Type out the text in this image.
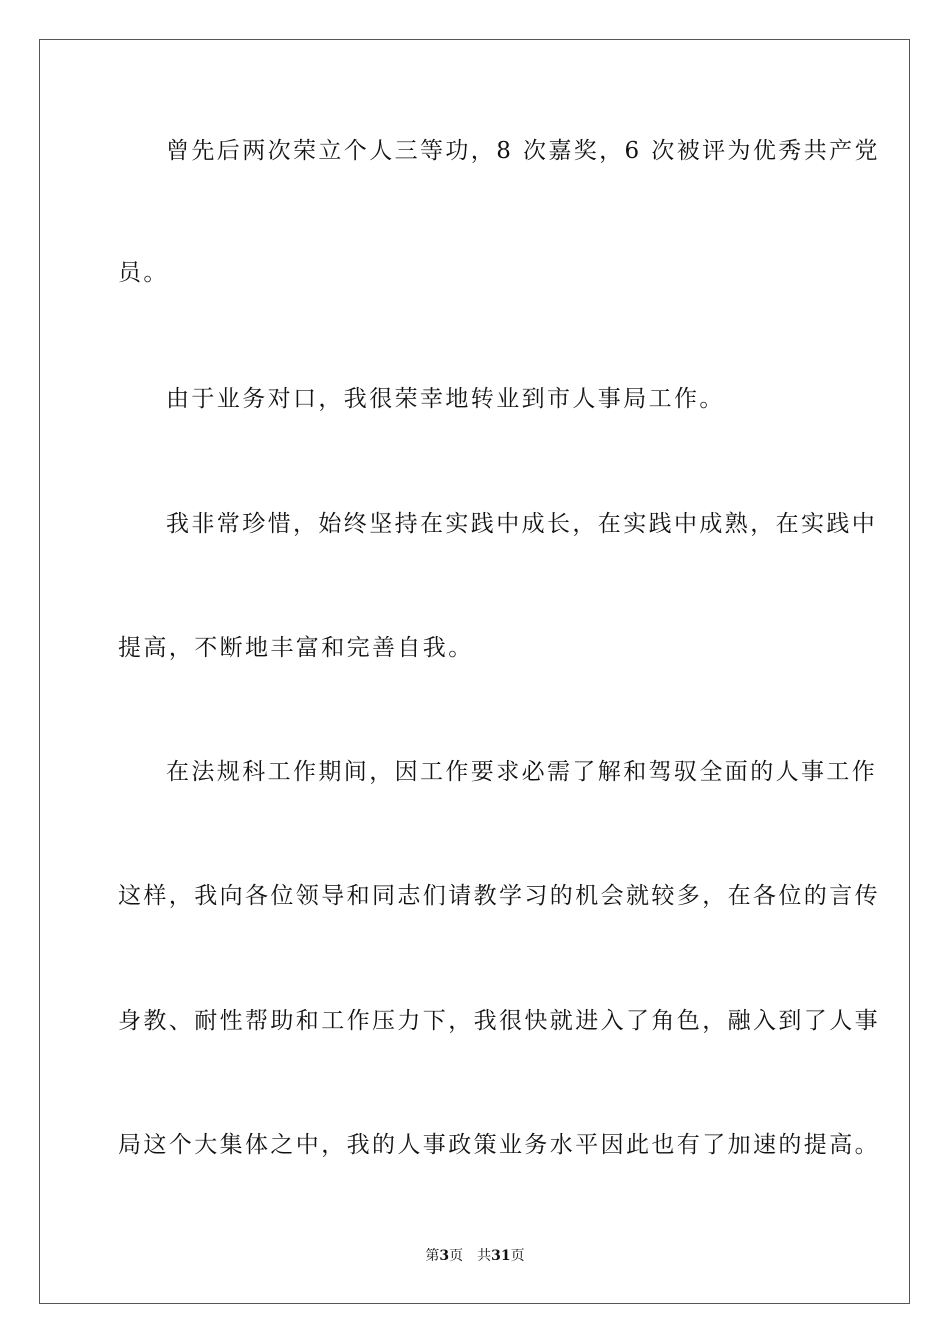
曾先后两次荣立个人三等功，8 次嘉奖，6 次被评为优秀共产党
员。
由于业务对口，我很荣幸地转业到市人事局工作。
我非常珍惜，始终坚持在实践中成长，在实践中成熟，在实践中
提高，不断地丰富和完善自我。
在法规科工作期间，因工作要求必需了解和驾驭全面的人事工作
这样，我向各位领导和同志们请教学习的机会就较多，在各位的言传
身教、耐性帮助和工作压力下，我很快就进入了角色，融入到了人事
局这个大集体之中，我的人事政策业务水平因此也有了加速的提高。
第3页 共31页
